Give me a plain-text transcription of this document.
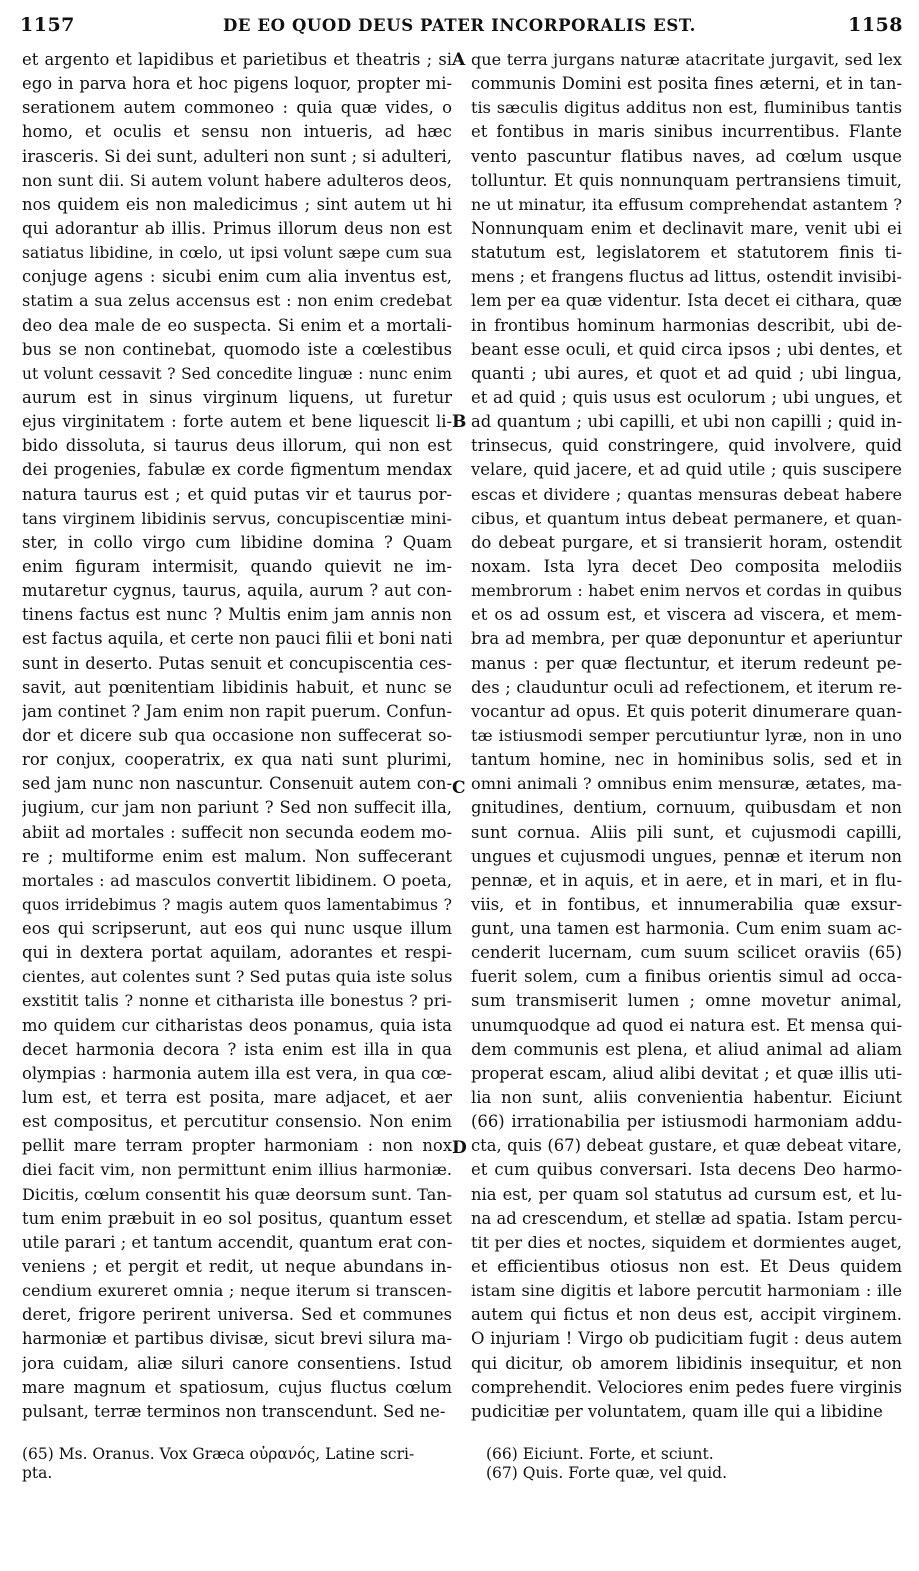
1157	DE EO QUOD DEUS PATER INCORPORALIS EST.	1158
et argento et lapidibus et parietibus et theatris ; si
ego in parva hora et hoc pigens loquor, propter mi-
serationem autem commoneo : quia quæ vides, o
homo, et oculis et sensu non intueris, ad hæc
irasceris. Si dei sunt, adulteri non sunt ; si adulteri,
non sunt dii. Si autem volunt habere adulteros deos,
nos quidem eis non maledicimus ; sint autem ut hi
qui adorantur ab illis. Primus illorum deus non est
satiatus libidine, in cœlo, ut ipsi volunt sæpe cum sua
conjuge agens : sicubi enim cum alia inventus est,
statim a sua zelus accensus est : non enim credebat
deo dea male de eo suspecta. Si enim et a mortali-
bus se non continebat, quomodo iste a cœlestibus
ut volunt cessavit ? Sed concedite linguæ : nunc enim
aurum est in sinus virginum liquens, ut furetur
ejus virginitatem : forte autem et bene liquescit li-
bido dissoluta, si taurus deus illorum, qui non est
dei progenies, fabulæ ex corde figmentum mendax
natura taurus est ; et quid putas vir et taurus por-
tans virginem libidinis servus, concupiscentiæ mini-
ster, in collo virgo cum libidine domina ? Quam
enim figuram intermisit, quando quievit ne im-
mutaretur cygnus, taurus, aquila, aurum ? aut con-
tinens factus est nunc ? Multis enim jam annis non
est factus aquila, et certe non pauci filii et boni nati
sunt in deserto. Putas senuit et concupiscentia ces-
savit, aut pœnitentiam libidinis habuit, et nunc se
jam continet ? Jam enim non rapit puerum. Confun-
dor et dicere sub qua occasione non suffecerat so-
ror conjux, cooperatrix, ex qua nati sunt plurimi,
sed jam nunc non nascuntur. Consenuit autem con-
jugium, cur jam non pariunt ? Sed non suffecit illa,
abiit ad mortales : suffecit non secunda eodem mo-
re ; multiforme enim est malum. Non suffecerant
mortales : ad masculos convertit libidinem. O poeta,
quos irridebimus ? magis autem quos lamentabimus ?
eos qui scripserunt, aut eos qui nunc usque illum
qui in dextera portat aquilam, adorantes et respi-
cientes, aut colentes sunt ? Sed putas quia iste solus
exstitit talis ? nonne et citharista ille bonestus ? pri-
mo quidem cur citharistas deos ponamus, quia ista
decet harmonia decora ? ista enim est illa in qua
olympias : harmonia autem illa est vera, in qua cœ-
lum est, et terra est posita, mare adjacet, et aer
est compositus, et percutitur consensio. Non enim
pellit mare terram propter harmoniam : non nox
diei facit vim, non permittunt enim illius harmoniæ.
Dicitis, cœlum consentit his quæ deorsum sunt. Tan-
tum enim præbuit in eo sol positus, quantum esset
utile parari ; et tantum accendit, quantum erat con-
veniens ; et pergit et redit, ut neque abundans in-
cendium exureret omnia ; neque iterum si transcen-
deret, frigore perirent universa. Sed et communes
harmoniæ et partibus divisæ, sicut brevi silura ma-
jora cuidam, aliæ siluri canore consentiens. Istud
mare magnum et spatiosum, cujus fluctus cœlum
pulsant, terræ terminos non transcendunt. Sed ne-
que terra jurgans naturæ atacritate jurgavit, sed lex
communis Domini est posita fines æterni, et in tan-
tis sæculis digitus additus non est, fluminibus tantis
et fontibus in maris sinibus incurrentibus. Flante
vento pascuntur flatibus naves, ad cœlum usque
tolluntur. Et quis nonnunquam pertransiens timuit,
ne ut minatur, ita effusum comprehendat astantem ?
Nonnunquam enim et declinavit mare, venit ubi ei
statutum est, legislatorem et statutorem finis ti-
mens ; et frangens fluctus ad littus, ostendit invisibi-
lem per ea quæ videntur. Ista decet ei cithara, quæ
in frontibus hominum harmonias describit, ubi de-
beant esse oculi, et quid circa ipsos ; ubi dentes, et
quanti ; ubi aures, et quot et ad quid ; ubi lingua,
et ad quid ; quis usus est oculorum ; ubi ungues, et
ad quantum ; ubi capilli, et ubi non capilli ; quid in-
trinsecus, quid constringere, quid involvere, quid
velare, quid jacere, et ad quid utile ; quis suscipere
escas et dividere ; quantas mensuras debeat habere
cibus, et quantum intus debeat permanere, et quan-
do debeat purgare, et si transierit horam, ostendit
noxam. Ista lyra decet Deo composita melodiis
membrorum : habet enim nervos et cordas in quibus
et os ad ossum est, et viscera ad viscera, et mem-
bra ad membra, per quæ deponuntur et aperiuntur
manus : per quæ flectuntur, et iterum redeunt pe-
des ; clauduntur oculi ad refectionem, et iterum re-
vocantur ad opus. Et quis poterit dinumerare quan-
tæ istiusmodi semper percutiuntur lyræ, non in uno
tantum homine, nec in hominibus solis, sed et in
omni animali ? omnibus enim mensuræ, ætates, ma-
gnitudines, dentium, cornuum, quibusdam et non
sunt cornua. Aliis pili sunt, et cujusmodi capilli,
ungues et cujusmodi ungues, pennæ et iterum non
pennæ, et in aquis, et in aere, et in mari, et in flu-
viis, et in fontibus, et innumerabilia quæ exsur-
gunt, una tamen est harmonia. Cum enim suam ac-
cenderit lucernam, cum suum scilicet oraviis (65)
fuerit solem, cum a finibus orientis simul ad occa-
sum transmiserit lumen ; omne movetur animal,
unumquodque ad quod ei natura est. Et mensa qui-
dem communis est plena, et aliud animal ad aliam
properat escam, aliud alibi devitat ; et quæ illis uti-
lia non sunt, aliis convenientia habentur. Eiciunt
(66) irrationabilia per istiusmodi harmoniam addu-
cta, quis (67) debeat gustare, et quæ debeat vitare,
et cum quibus conversari. Ista decens Deo harmo-
nia est, per quam sol statutus ad cursum est, et lu-
na ad crescendum, et stellæ ad spatia. Istam percu-
tit per dies et noctes, siquidem et dormientes auget,
et efficientibus otiosus non est. Et Deus quidem
istam sine digitis et labore percutit harmoniam : ille
autem qui fictus et non deus est, accipit virginem.
O injuriam ! Virgo ob pudicitiam fugit : deus autem
qui dicitur, ob amorem libidinis insequitur, et non
comprehendit. Velociores enim pedes fuere virginis
pudicitiæ per voluntatem, quam ille qui a libidine
A
B
C
D
(65) Ms. Oranus. Vox Græca οὐρανός, Latine scri-
pta.
(66) Eiciunt. Forte, et sciunt.
(67) Quis. Forte quæ, vel quid.
